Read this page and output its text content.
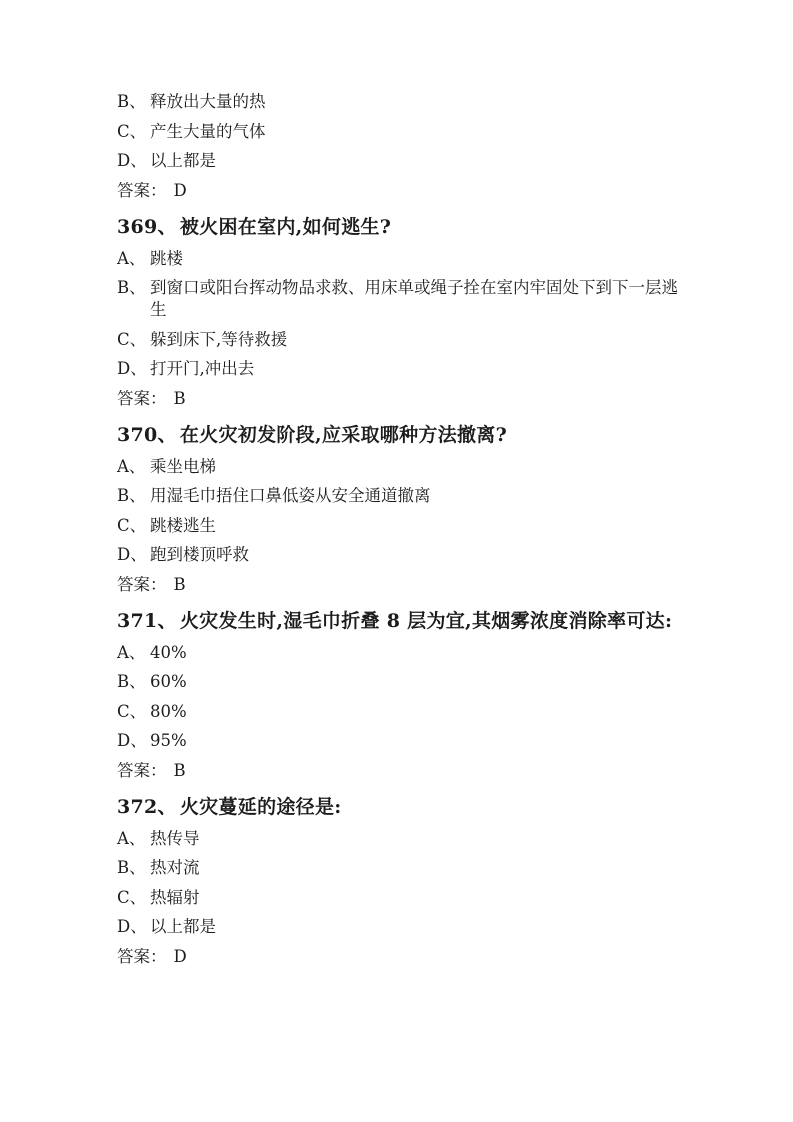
B、 释放出大量的热

C、 产生大量的气体

D、 以上都是

答案： D

369、 被火困在室内,如何逃生?

A、 跳楼

B、 到窗口或阳台挥动物品求救、用床单或绳子拴在室内牢固处下到下一层逃生

C、 躲到床下,等待救援

D、 打开门,冲出去

答案： B

370、 在火灾初发阶段,应采取哪种方法撤离?

A、 乘坐电梯

B、 用湿毛巾捂住口鼻低姿从安全通道撤离

C、 跳楼逃生

D、 跑到楼顶呼救

答案： B

371、 火灾发生时,湿毛巾折叠 8 层为宜,其烟雾浓度消除率可达:

A、 40%

B、 60%

C、 80%

D、 95%

答案： B

372、 火灾蔓延的途径是:

A、 热传导

B、 热对流

C、 热辐射

D、 以上都是

答案： D
